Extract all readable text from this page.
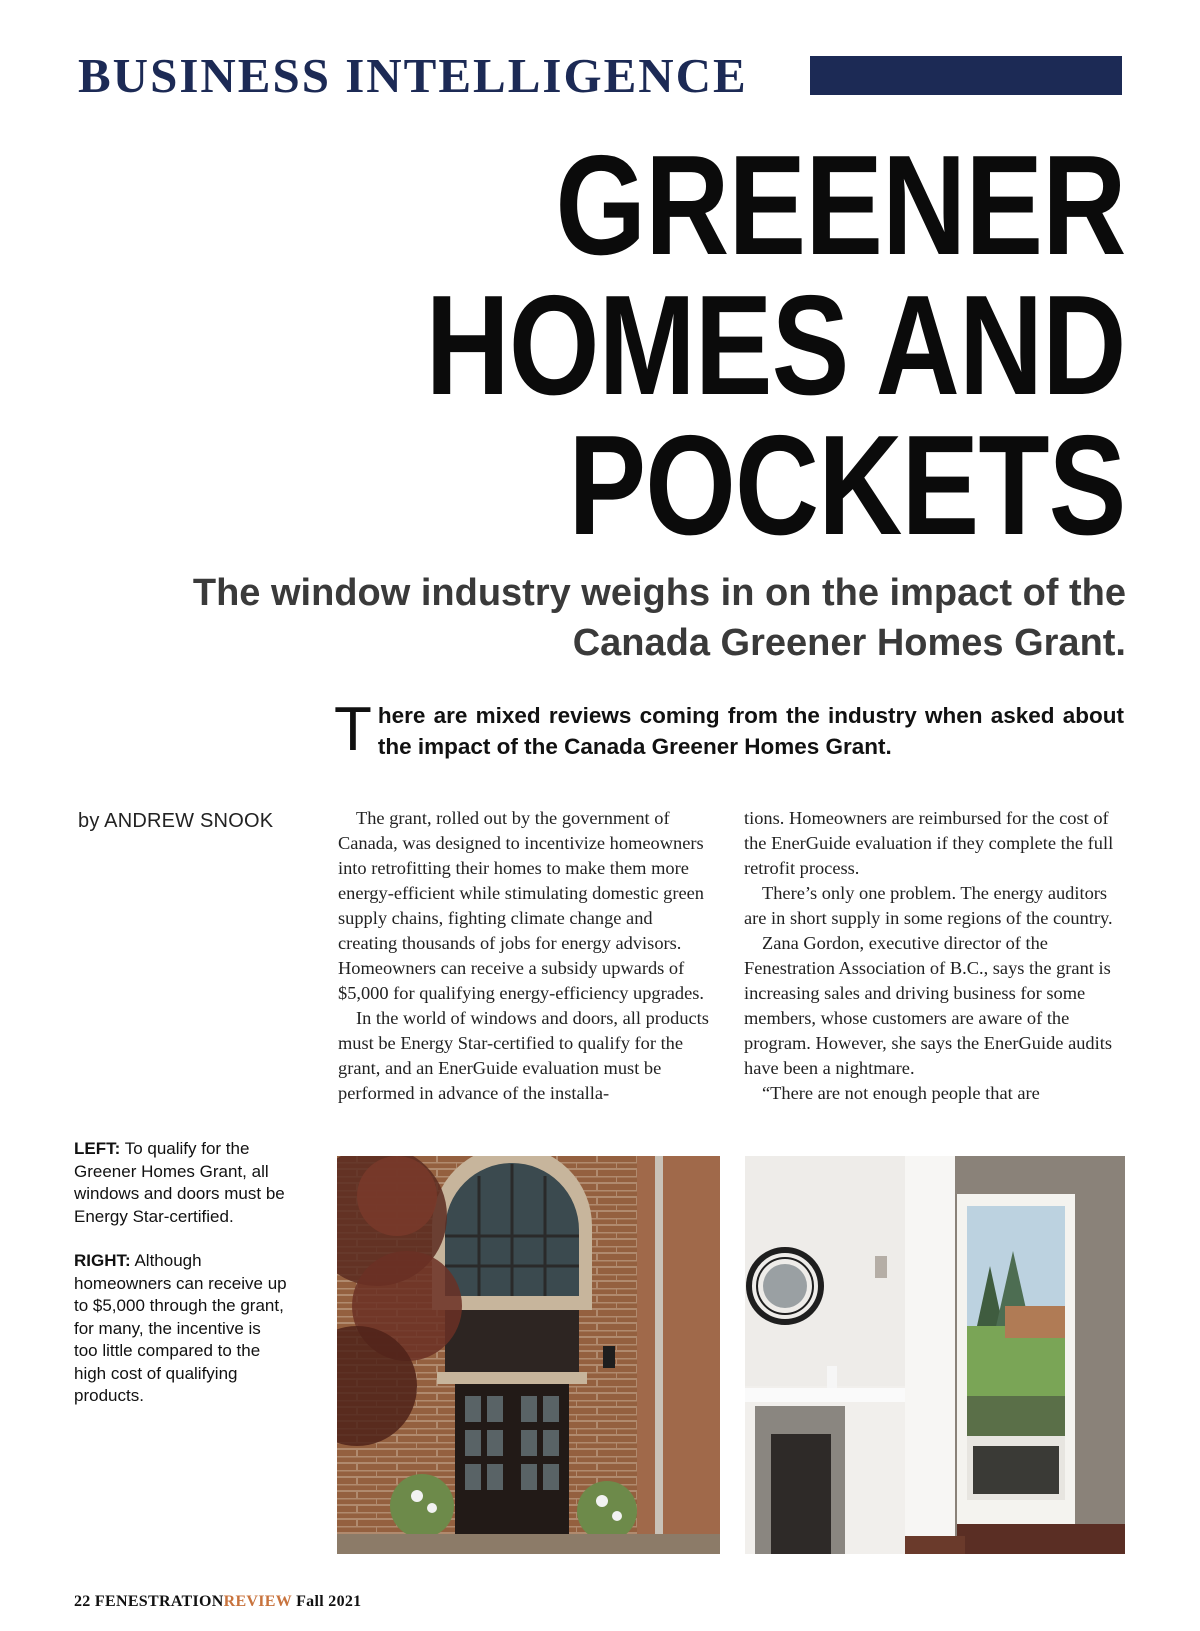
BUSINESS INTELLIGENCE
GREENER
HOMES AND
POCKETS
The window industry weighs in on the impact of the
Canada Greener Homes Grant.
There are mixed reviews coming from the industry when asked about the impact of the Canada Greener Homes Grant.
by ANDREW SNOOK	The grant, rolled out by the government of Canada, was designed to incentivize homeowners into retrofitting their homes to make them more energy-efficient while stimulating domestic green supply chains, fighting climate change and creating thousands of jobs for energy advisors. Homeowners can receive a subsidy upwards of $5,000 for qualifying energy-efficiency upgrades.

In the world of windows and doors, all products must be Energy Star-certified to qualify for the grant, and an EnerGuide evaluation must be performed in advance of the installa-

tions. Homeowners are reimbursed for the cost of the EnerGuide evaluation if they complete the full retrofit process.

There’s only one problem. The energy auditors are in short supply in some regions of the country.

Zana Gordon, executive director of the Fenestration Association of B.C., says the grant is increasing sales and driving business for some members, whose customers are aware of the program. However, she says the EnerGuide audits have been a nightmare.

“There are not enough people that are

LEFT: To qualify for the Greener Homes Grant, all windows and doors must be Energy Star-certified.

RIGHT: Although homeowners can receive up to $5,000 through the grant, for many, the incentive is too little compared to the high cost of qualifying products.

22 FENESTRATIONREVIEW Fall 2021
